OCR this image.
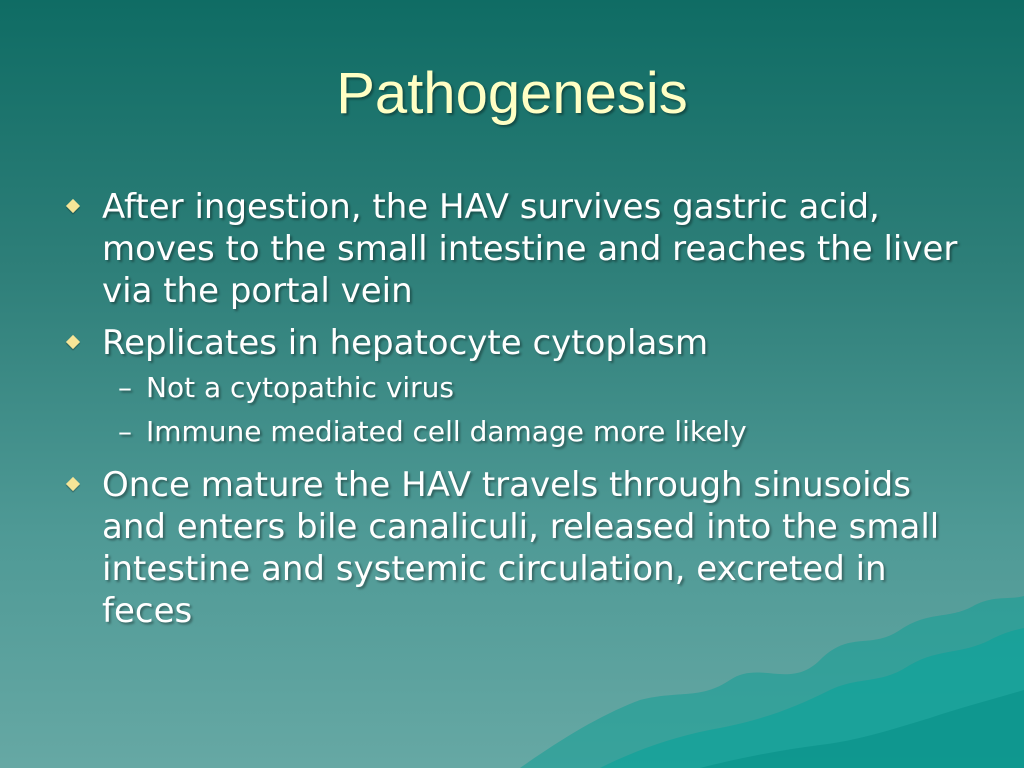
Pathogenesis
After ingestion, the HAV survives gastric acid, moves to the small intestine and reaches the liver via the portal vein
Replicates in hepatocyte cytoplasm
– Not a cytopathic virus
– Immune mediated cell damage more likely
Once mature the HAV travels through sinusoids and enters bile canaliculi, released into the small intestine and systemic circulation, excreted in feces
